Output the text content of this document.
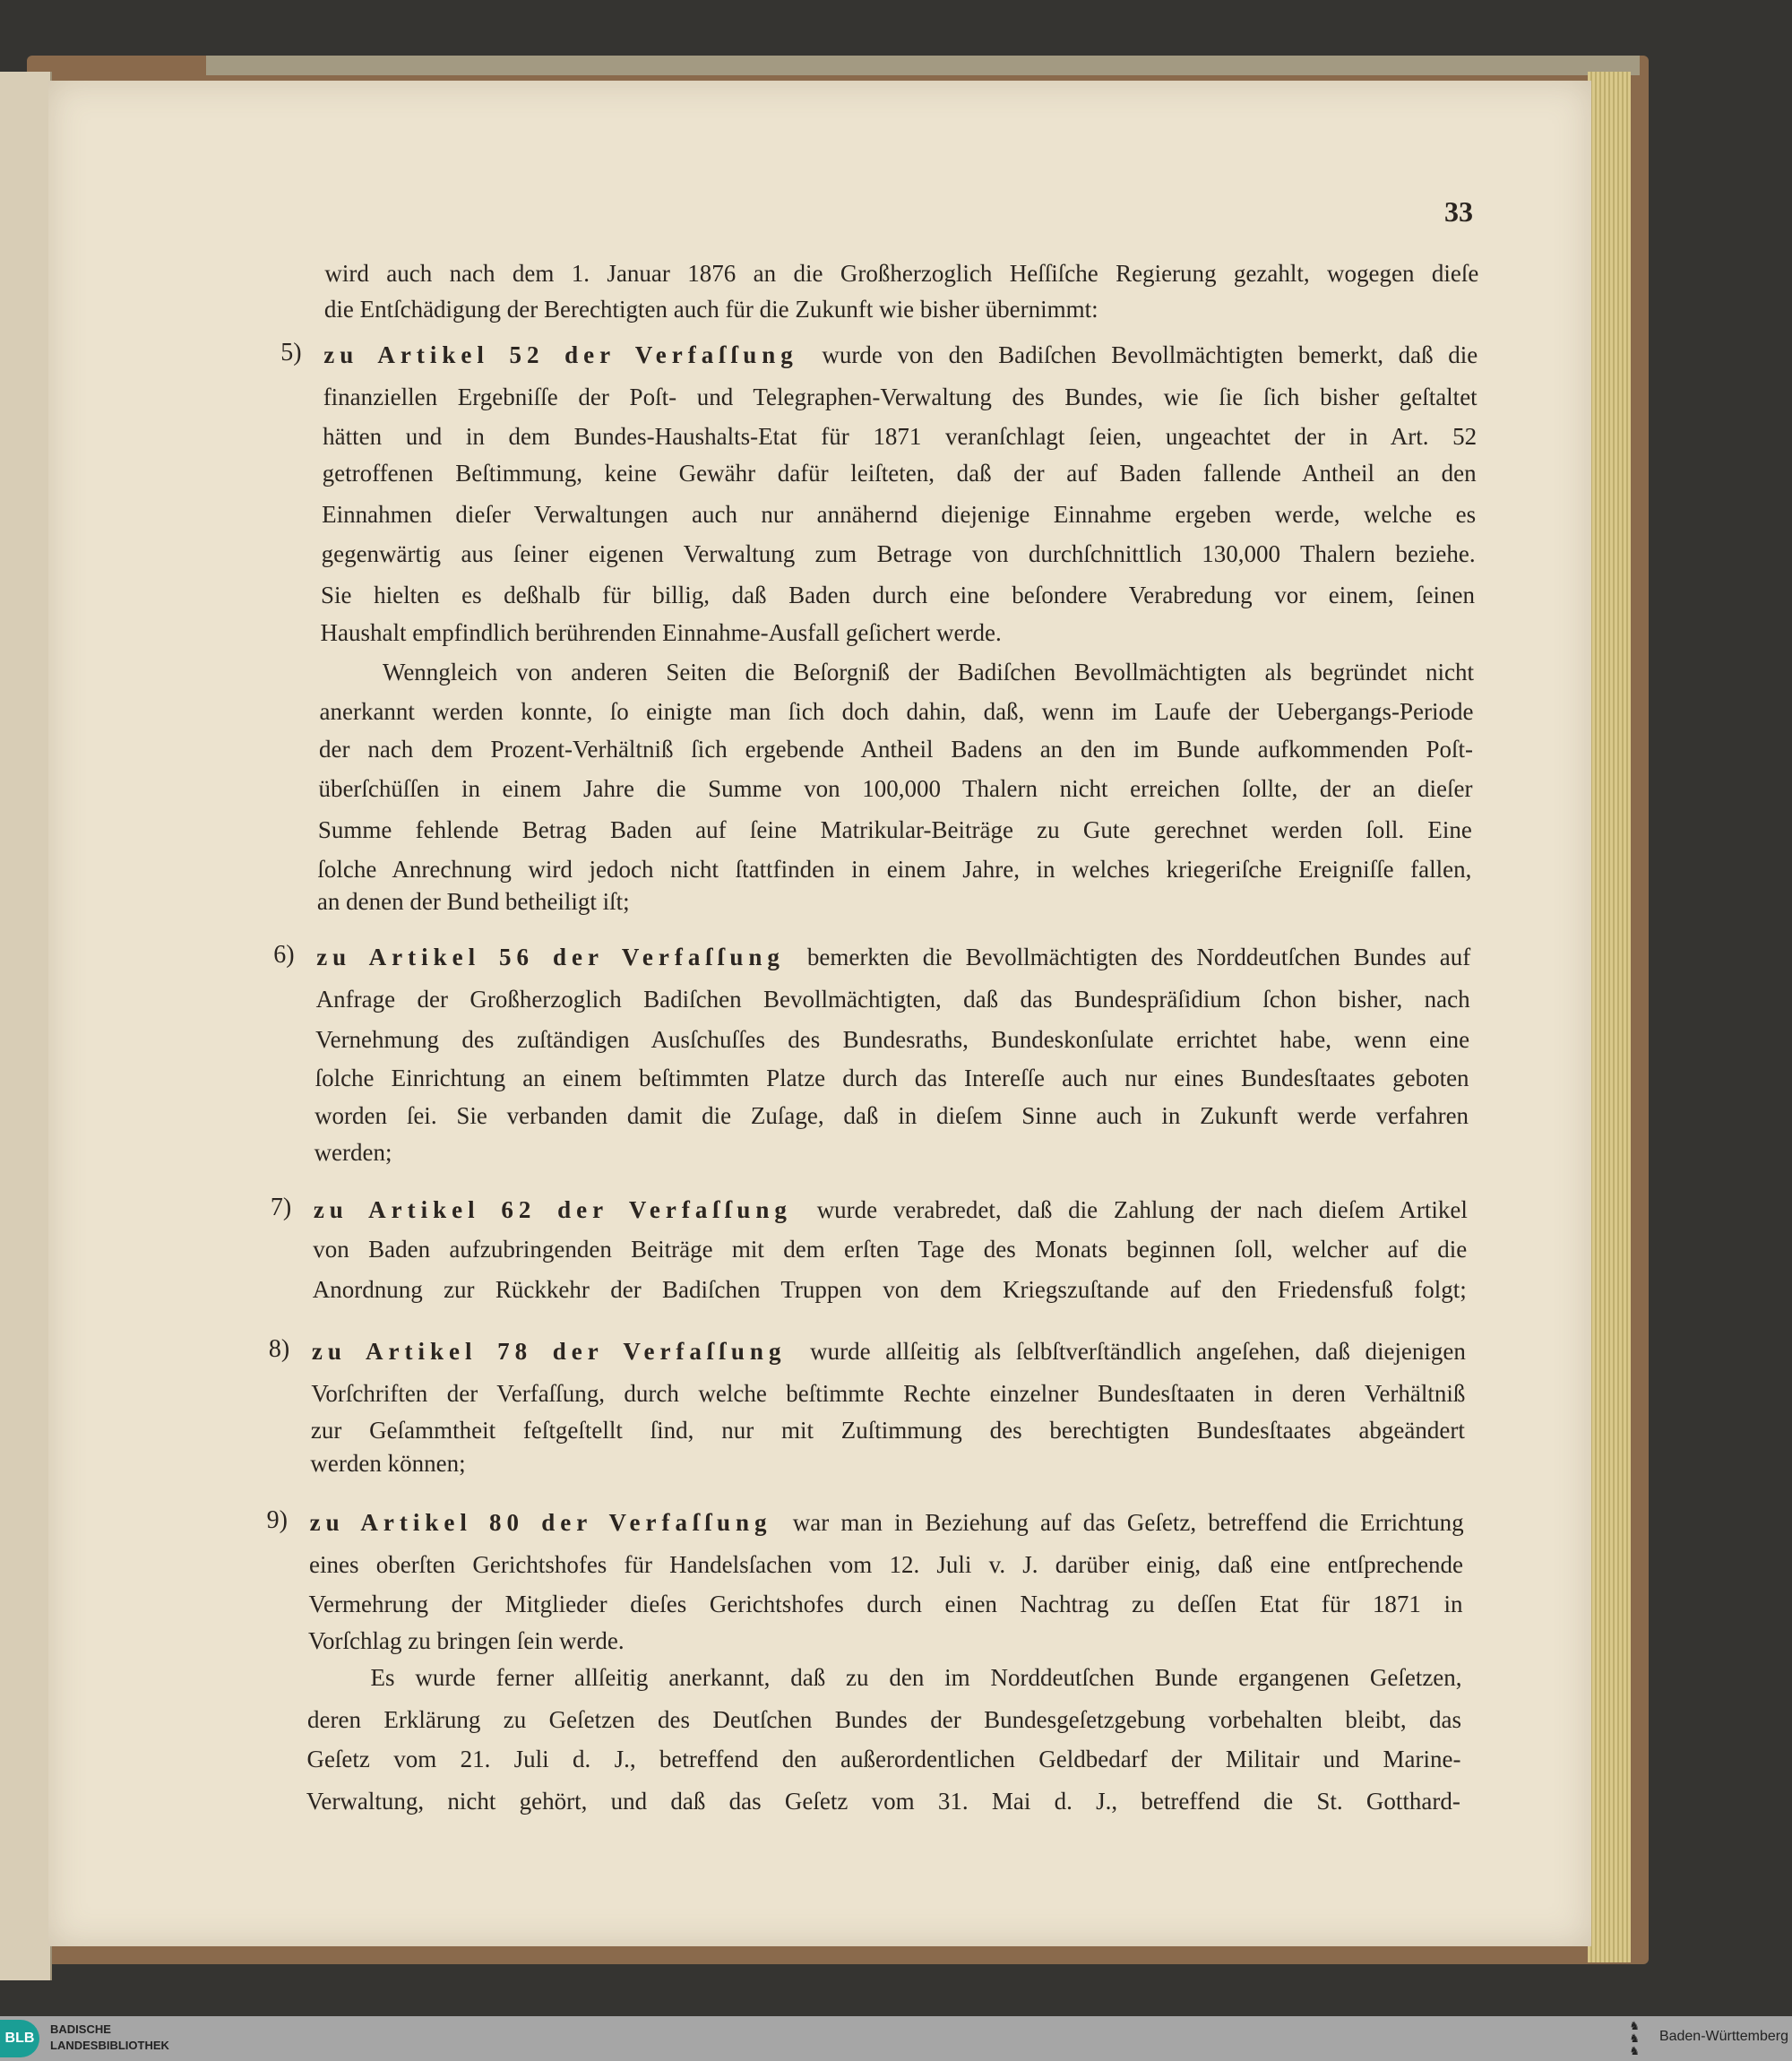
33
wird auch nach dem 1. Januar 1876 an die Großherzoglich Heſſiſche Regierung gezahlt, wogegen dieſe
die Entſchädigung der Berechtigten auch für die Zukunft wie bisher übernimmt:
5) zu Artikel 52 der Verfaſſung wurde von den Badiſchen Bevollmächtigten bemerkt, daß die
finanziellen Ergebniſſe der Poſt- und Telegraphen-Verwaltung des Bundes, wie ſie ſich bisher geſtaltet
hätten und in dem Bundes-Haushalts-Etat für 1871 veranſchlagt ſeien, ungeachtet der in Art. 52
getroffenen Beſtimmung, keine Gewähr dafür leiſteten, daß der auf Baden fallende Antheil an den
Einnahmen dieſer Verwaltungen auch nur annähernd diejenige Einnahme ergeben werde, welche es
gegenwärtig aus ſeiner eigenen Verwaltung zum Betrage von durchſchnittlich 130,000 Thalern beziehe.
Sie hielten es deßhalb für billig, daß Baden durch eine beſondere Verabredung vor einem, ſeinen
Haushalt empfindlich berührenden Einnahme-Ausfall geſichert werde.
Wenngleich von anderen Seiten die Beſorgniß der Badiſchen Bevollmächtigten als begründet nicht
anerkannt werden konnte, ſo einigte man ſich doch dahin, daß, wenn im Laufe der Uebergangs-Periode
der nach dem Prozent-Verhältniß ſich ergebende Antheil Badens an den im Bunde aufkommenden Poſt-
überſchüſſen in einem Jahre die Summe von 100,000 Thalern nicht erreichen ſollte, der an dieſer
Summe fehlende Betrag Baden auf ſeine Matrikular-Beiträge zu Gute gerechnet werden ſoll. Eine
ſolche Anrechnung wird jedoch nicht ſtattfinden in einem Jahre, in welches kriegeriſche Ereigniſſe fallen,
an denen der Bund betheiligt iſt;
6) zu Artikel 56 der Verfaſſung bemerkten die Bevollmächtigten des Norddeutſchen Bundes auf
Anfrage der Großherzoglich Badiſchen Bevollmächtigten, daß das Bundespräſidium ſchon bisher, nach
Vernehmung des zuſtändigen Ausſchuſſes des Bundesraths, Bundeskonſulate errichtet habe, wenn eine
ſolche Einrichtung an einem beſtimmten Platze durch das Intereſſe auch nur eines Bundesſtaates geboten
worden ſei. Sie verbanden damit die Zuſage, daß in dieſem Sinne auch in Zukunft werde verfahren
werden;
7) zu Artikel 62 der Verfaſſung wurde verabredet, daß die Zahlung der nach dieſem Artikel
von Baden aufzubringenden Beiträge mit dem erſten Tage des Monats beginnen ſoll, welcher auf die
Anordnung zur Rückkehr der Badiſchen Truppen von dem Kriegszuſtande auf den Friedensfuß folgt;
8) zu Artikel 78 der Verfaſſung wurde allſeitig als ſelbſtverſtändlich angeſehen, daß diejenigen
Vorſchriften der Verfaſſung, durch welche beſtimmte Rechte einzelner Bundesſtaaten in deren Verhältniß
zur Geſammtheit feſtgeſtellt ſind, nur mit Zuſtimmung des berechtigten Bundesſtaates abgeändert
werden können;
9) zu Artikel 80 der Verfaſſung war man in Beziehung auf das Geſetz, betreffend die Errichtung
eines oberſten Gerichtshofes für Handelsſachen vom 12. Juli v. J. darüber einig, daß eine entſprechende
Vermehrung der Mitglieder dieſes Gerichtshofes durch einen Nachtrag zu deſſen Etat für 1871 in
Vorſchlag zu bringen ſein werde.
Es wurde ferner allſeitig anerkannt, daß zu den im Norddeutſchen Bunde ergangenen Geſetzen,
deren Erklärung zu Geſetzen des Deutſchen Bundes der Bundesgeſetzgebung vorbehalten bleibt, das
Geſetz vom 21. Juli d. J., betreffend den außerordentlichen Geldbedarf der Militair und Marine-
Verwaltung, nicht gehört, und daß das Geſetz vom 31. Mai d. J., betreffend die St. Gotthard-
BLB
BADISCHE
LANDESBIBLIOTHEK
♞
♞
♞
Baden-Württemberg
